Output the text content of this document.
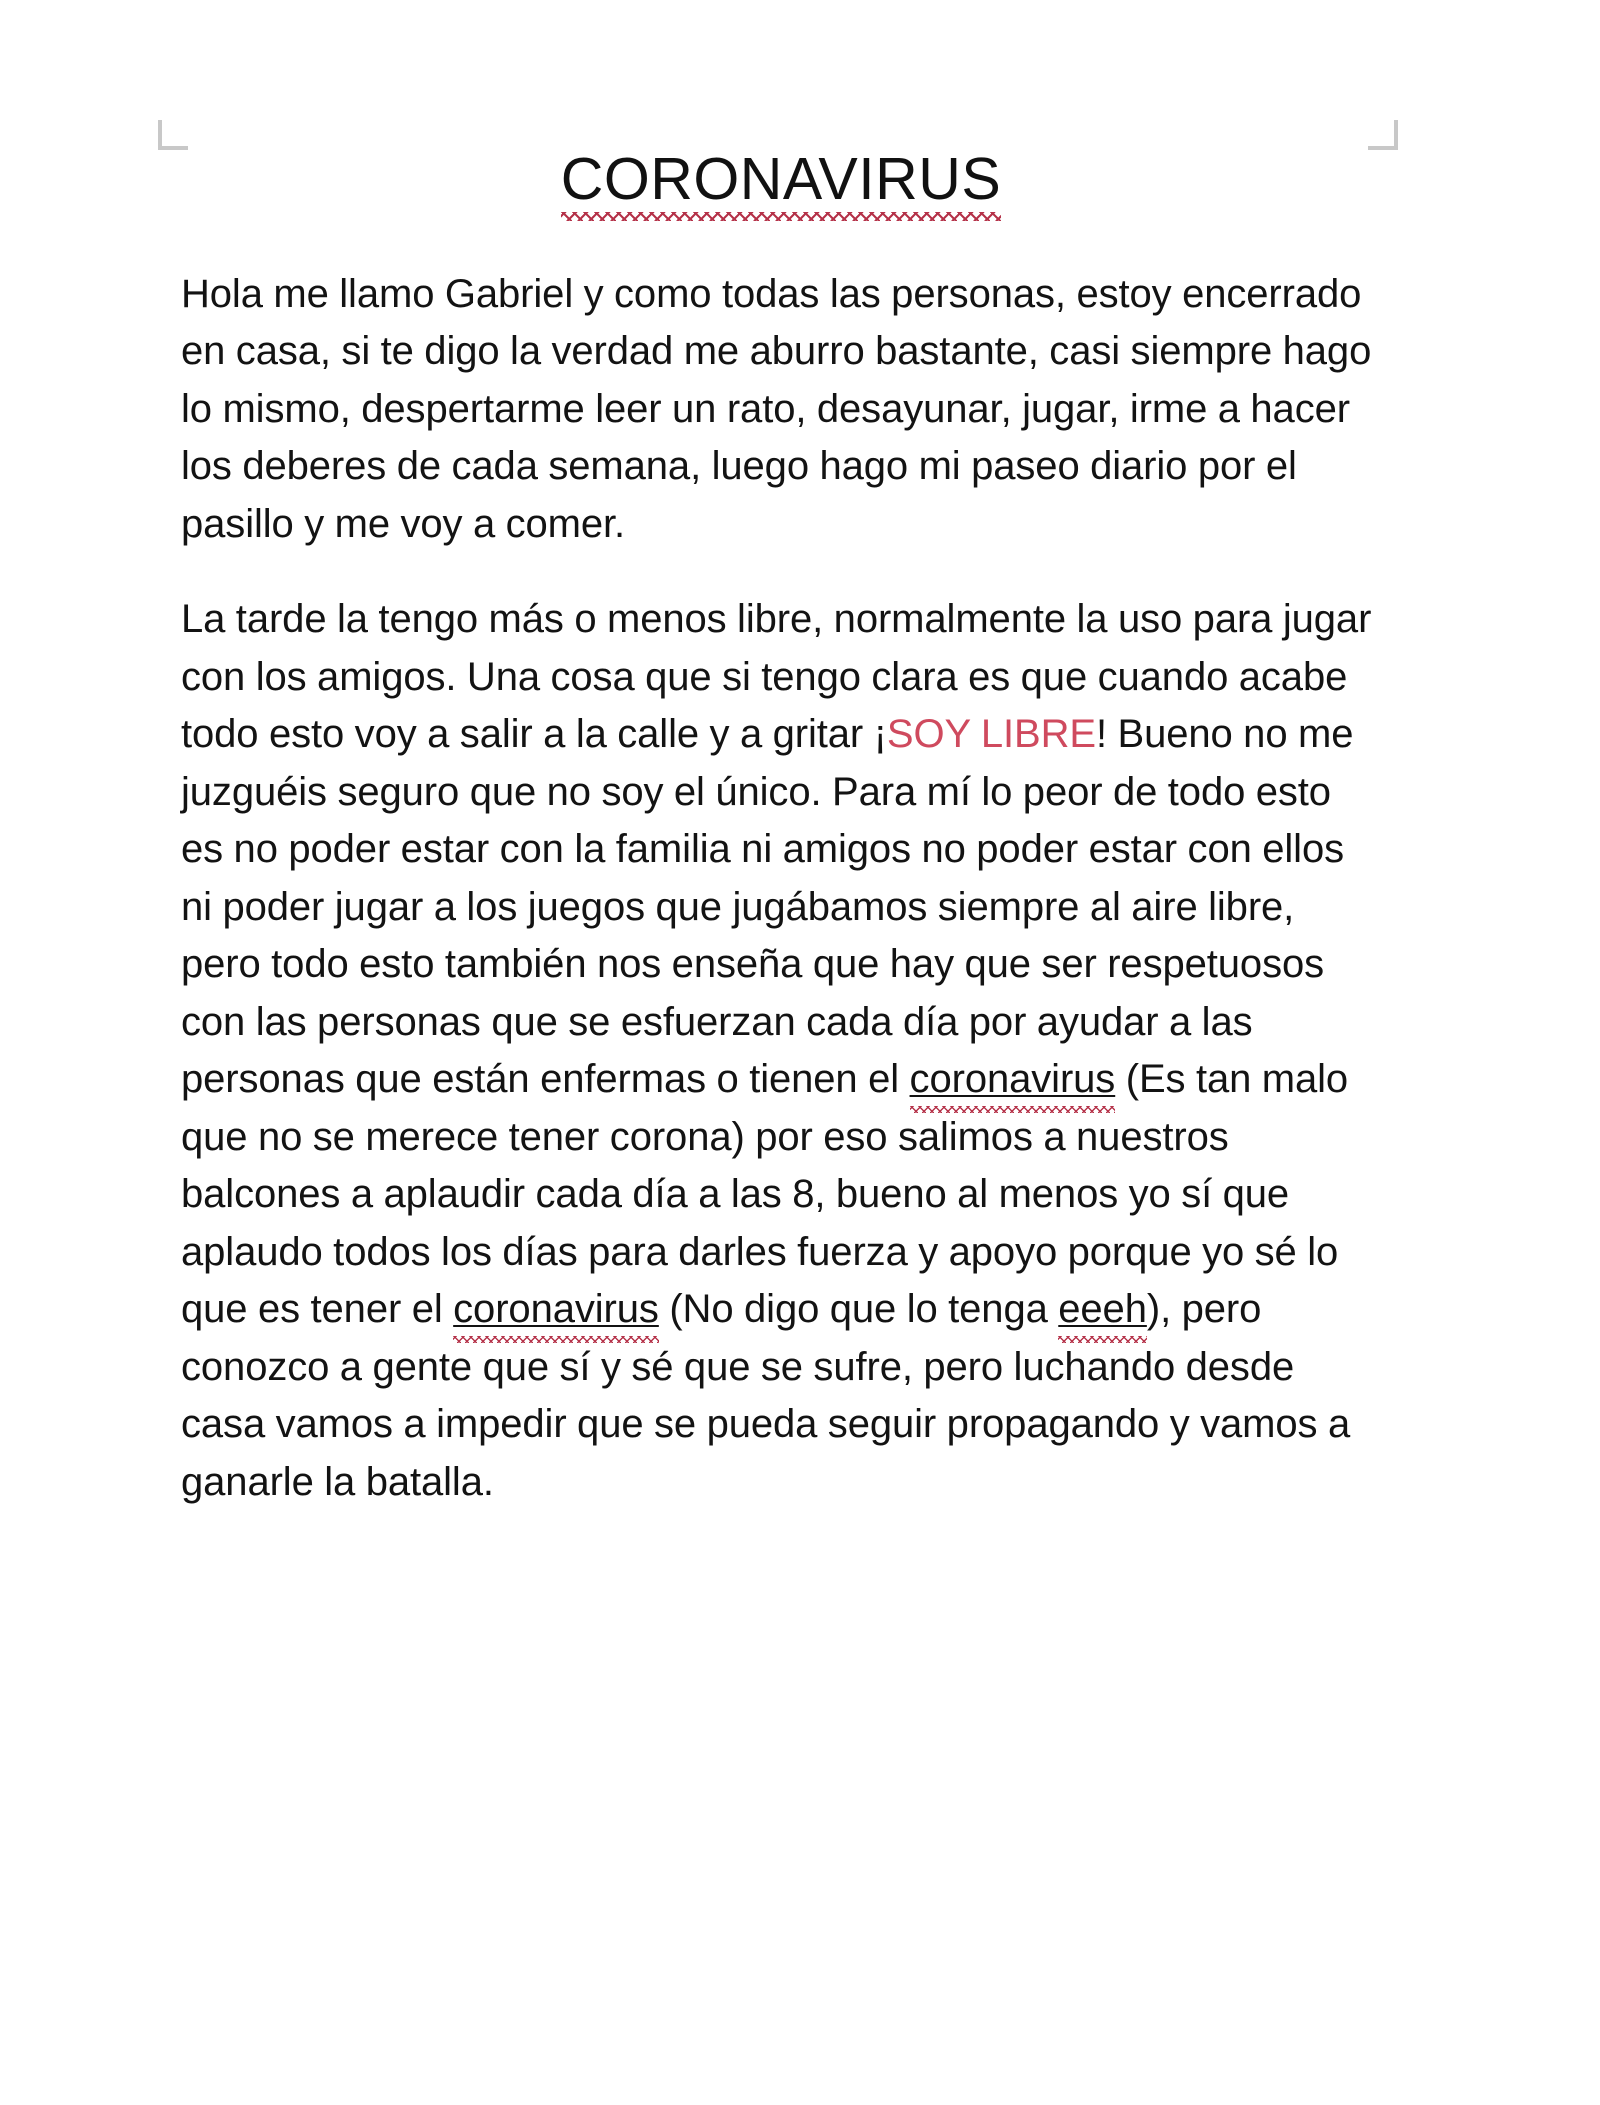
CORONAVIRUS

Hola me llamo Gabriel y como todas las personas, estoy encerrado en casa, si te digo la verdad me aburro bastante, casi siempre hago lo mismo, despertarme leer un rato, desayunar, jugar, irme a hacer los deberes de cada semana, luego hago mi paseo diario por el pasillo y me voy a comer.

La tarde la tengo más o menos libre, normalmente la uso para jugar con los amigos. Una cosa que si tengo clara es que cuando acabe todo esto voy a salir a la calle y a gritar ¡SOY LIBRE! Bueno no me juzguéis seguro que no soy el único. Para mí lo peor de todo esto es no poder estar con la familia ni amigos no poder estar con ellos ni poder jugar a los juegos que jugábamos siempre al aire libre, pero todo esto también nos enseña que hay que ser respetuosos con las personas que se esfuerzan cada día por ayudar a las personas que están enfermas o tienen el coronavirus (Es tan malo que no se merece tener corona) por eso salimos a nuestros balcones a aplaudir cada día a las 8, bueno al menos yo sí que aplaudo todos los días para darles fuerza y apoyo porque yo sé lo que es tener el coronavirus (No digo que lo tenga eeeh), pero conozco a gente que sí y sé que se sufre, pero luchando desde casa vamos a impedir que se pueda seguir propagando y vamos a ganarle la batalla.
